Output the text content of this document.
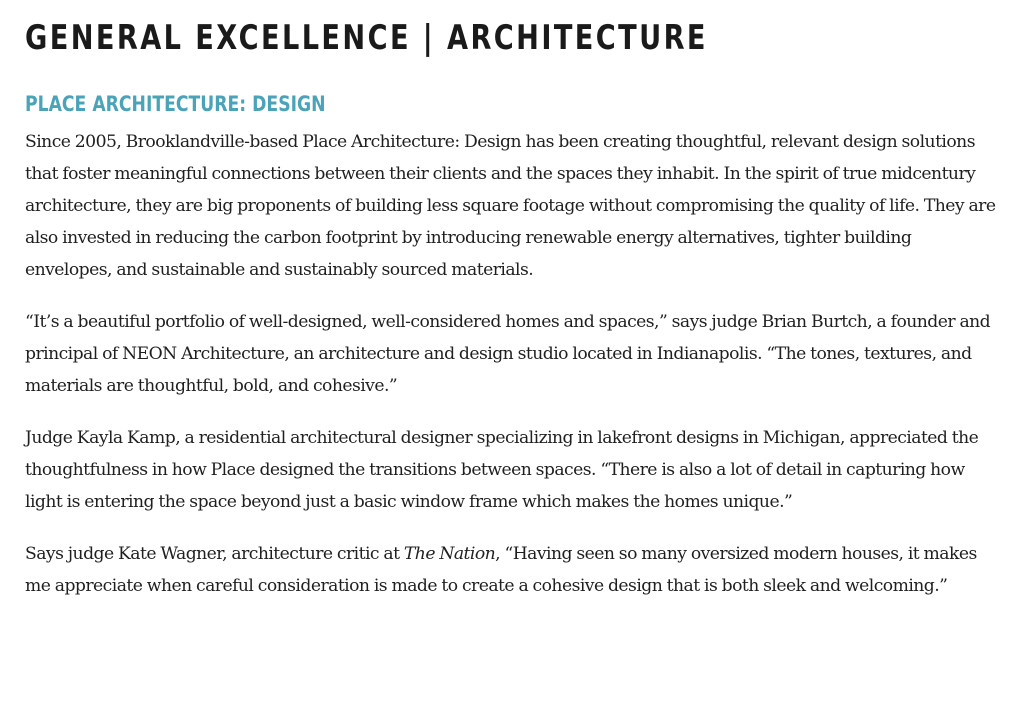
GENERAL EXCELLENCE | ARCHITECTURE
PLACE ARCHITECTURE: DESIGN

Since 2005, Brooklandville-based Place Architecture: Design has been creating thoughtful, relevant design solutions that foster meaningful connections between their clients and the spaces they inhabit. In the spirit of true midcentury architecture, they are big proponents of building less square footage without compromising the quality of life. They are also invested in reducing the carbon footprint by introducing renewable energy alternatives, tighter building envelopes, and sustainable and sustainably sourced materials.

“It’s a beautiful portfolio of well-designed, well-considered homes and spaces,” says judge Brian Burtch, a founder and principal of NEON Architecture, an architecture and design studio located in Indianapolis. “The tones, textures, and materials are thoughtful, bold, and cohesive.”

Judge Kayla Kamp, a residential architectural designer specializing in lakefront designs in Michigan, appreciated the thoughtfulness in how Place designed the transitions between spaces. “There is also a lot of detail in capturing how light is entering the space beyond just a basic window frame which makes the homes unique.”

Says judge Kate Wagner, architecture critic at The Nation, “Having seen so many oversized modern houses, it makes me appreciate when careful consideration is made to create a cohesive design that is both sleek and welcoming.”
